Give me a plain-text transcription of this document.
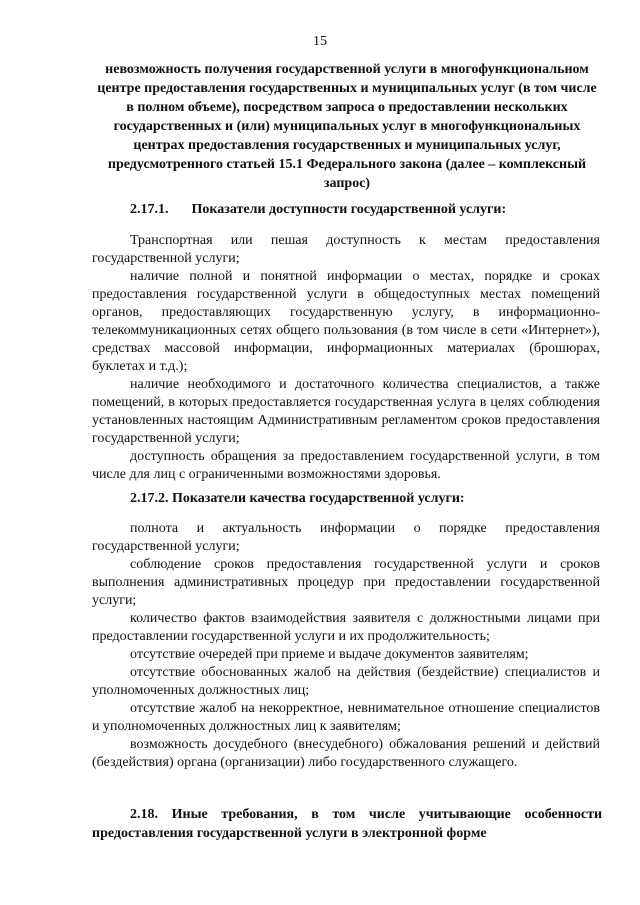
15
невозможность получения государственной услуги в многофункциональном центре предоставления государственных и муниципальных услуг (в том числе в полном объеме), посредством запроса о предоставлении нескольких государственных и (или) муниципальных услуг в многофункциональных центрах предоставления государственных и муниципальных услуг, предусмотренного статьей 15.1 Федерального закона (далее – комплексный запрос)
2.17.1. Показатели доступности государственной услуги:

Транспортная или пешая доступность к местам предоставления государственной услуги;

наличие полной и понятной информации о местах, порядке и сроках предоставления государственной услуги в общедоступных местах помещений органов, предоставляющих государственную услугу, в информационно-телекоммуникационных сетях общего пользования (в том числе в сети «Интернет»), средствах массовой информации, информационных материалах (брошюрах, буклетах и т.д.);

наличие необходимого и достаточного количества специалистов, а также помещений, в которых предоставляется государственная услуга в целях соблюдения установленных настоящим Административным регламентом сроков предоставления государственной услуги;

доступность обращения за предоставлением государственной услуги, в том числе для лиц с ограниченными возможностями здоровья.

2.17.2. Показатели качества государственной услуги:

полнота и актуальность информации о порядке предоставления государственной услуги;

соблюдение сроков предоставления государственной услуги и сроков выполнения административных процедур при предоставлении государственной услуги;

количество фактов взаимодействия заявителя с должностными лицами при предоставлении государственной услуги и их продолжительность;

отсутствие очередей при приеме и выдаче документов заявителям;

отсутствие обоснованных жалоб на действия (бездействие) специалистов и уполномоченных должностных лиц;

отсутствие жалоб на некорректное, невнимательное отношение специалистов и уполномоченных должностных лиц к заявителям;

возможность досудебного (внесудебного) обжалования решений и действий (бездействия) органа (организации) либо государственного служащего.

2.18. Иные требования, в том числе учитывающие особенности предоставления государственной услуги в электронной форме
